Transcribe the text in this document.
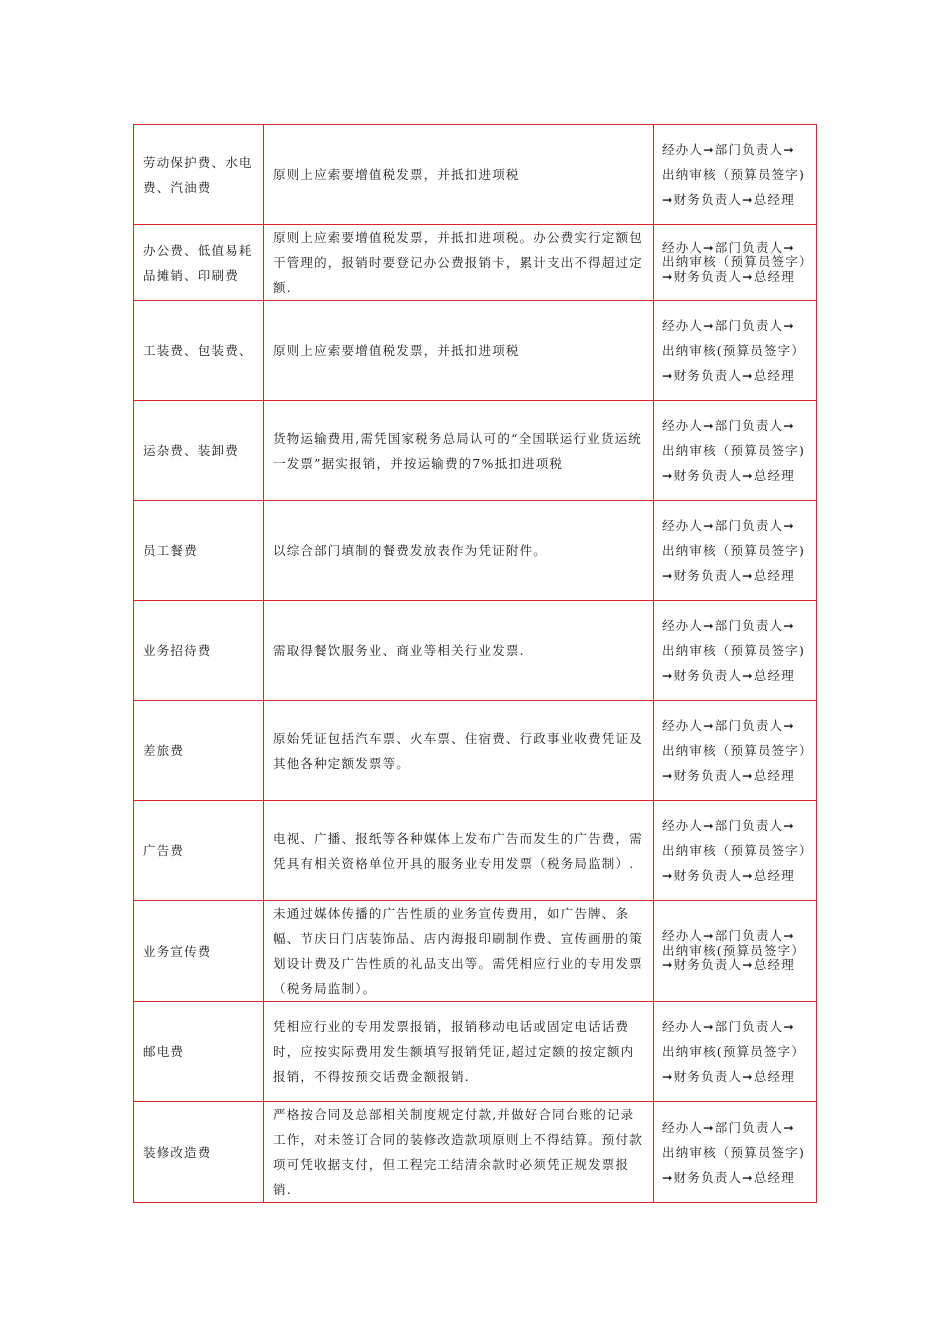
劳动保护费、水电费、汽油费	原则上应索要增值税发票，并抵扣进项税	经办人➞部门负责人➞出纳审核（预算员签字)➞财务负责人➞总经理
办公费、低值易耗品摊销、印刷费	原则上应索要增值税发票，并抵扣进项税。办公费实行定额包干管理的，报销时要登记办公费报销卡，累计支出不得超过定额.	经办人➞部门负责人➞出纳审核（预算员签字）➞财务负责人➞总经理
工装费、包装费、	原则上应索要增值税发票，并抵扣进项税	经办人➞部门负责人➞出纳审核(预算员签字）➞财务负责人➞总经理
运杂费、装卸费	货物运输费用,需凭国家税务总局认可的“全国联运行业货运统一发票”据实报销，并按运输费的7%抵扣进项税	经办人➞部门负责人➞出纳审核（预算员签字)➞财务负责人➞总经理
员工餐费	以综合部门填制的餐费发放表作为凭证附件。	经办人➞部门负责人➞出纳审核（预算员签字)➞财务负责人➞总经理
业务招待费	需取得餐饮服务业、商业等相关行业发票.	经办人➞部门负责人➞出纳审核（预算员签字)➞财务负责人➞总经理
差旅费	原始凭证包括汽车票、火车票、住宿费、行政事业收费凭证及其他各种定额发票等。	经办人➞部门负责人➞出纳审核（预算员签字）➞财务负责人➞总经理
广告费	电视、广播、报纸等各种媒体上发布广告而发生的广告费，需凭具有相关资格单位开具的服务业专用发票（税务局监制）.	经办人➞部门负责人➞出纳审核（预算员签字）➞财务负责人➞总经理
业务宣传费	未通过媒体传播的广告性质的业务宣传费用，如广告牌、条幅、节庆日门店装饰品、店内海报印刷制作费、宣传画册的策划设计费及广告性质的礼品支出等。需凭相应行业的专用发票（税务局监制）。	经办人➞部门负责人➞出纳审核(预算员签字）➞财务负责人➞总经理
邮电费	凭相应行业的专用发票报销，报销移动电话或固定电话话费时，应按实际费用发生额填写报销凭证,超过定额的按定额内报销，不得按预交话费金额报销.	经办人➞部门负责人➞出纳审核(预算员签字）➞财务负责人➞总经理
装修改造费	严格按合同及总部相关制度规定付款,并做好合同台账的记录工作，对未签订合同的装修改造款项原则上不得结算。预付款项可凭收据支付，但工程完工结清余款时必须凭正规发票报销.	经办人➞部门负责人➞出纳审核（预算员签字)➞财务负责人➞总经理
